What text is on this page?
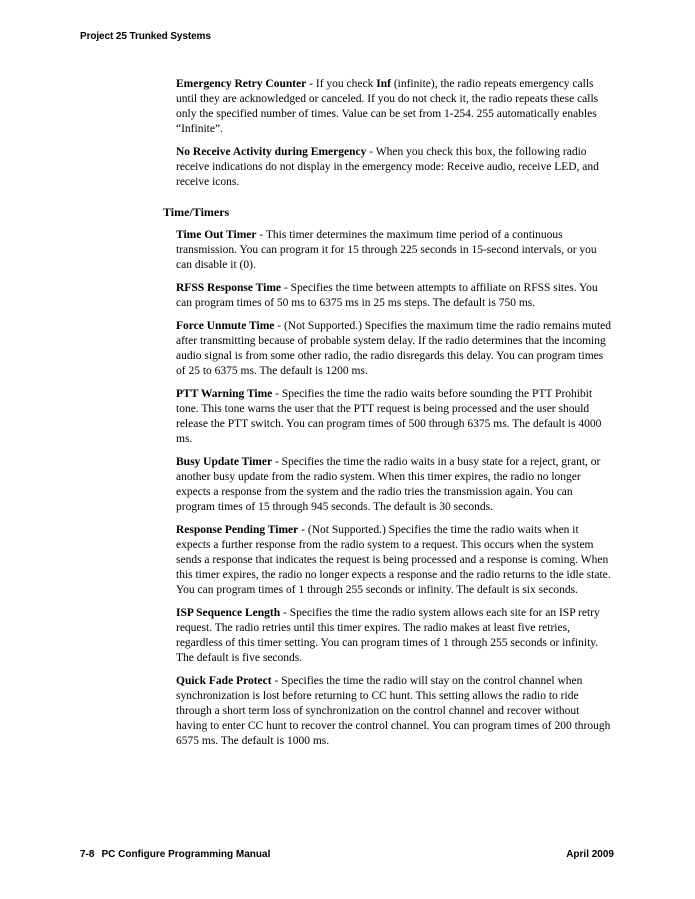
Project 25 Trunked Systems

Emergency Retry Counter - If you check Inf (infinite), the radio repeats emergency calls until they are acknowledged or canceled. If you do not check it, the radio repeats these calls only the specified number of times. Value can be set from 1-254. 255 automatically enables “Infinite”.

No Receive Activity during Emergency - When you check this box, the following radio receive indications do not display in the emergency mode: Receive audio, receive LED, and receive icons.

Time/Timers

Time Out Timer - This timer determines the maximum time period of a continuous transmission. You can program it for 15 through 225 seconds in 15-second intervals, or you can disable it (0).

RFSS Response Time - Specifies the time between attempts to affiliate on RFSS sites. You can program times of 50 ms to 6375 ms in 25 ms steps. The default is 750 ms.

Force Unmute Time - (Not Supported.) Specifies the maximum time the radio remains muted after transmitting because of probable system delay. If the radio determines that the incoming audio signal is from some other radio, the radio disregards this delay. You can program times of 25 to 6375 ms. The default is 1200 ms.

PTT Warning Time - Specifies the time the radio waits before sounding the PTT Prohibit tone. This tone warns the user that the PTT request is being processed and the user should release the PTT switch. You can program times of 500 through 6375 ms. The default is 4000 ms.

Busy Update Timer - Specifies the time the radio waits in a busy state for a reject, grant, or another busy update from the radio system. When this timer expires, the radio no longer expects a response from the system and the radio tries the transmission again. You can program times of 15 through 945 seconds. The default is 30 seconds.

Response Pending Timer - (Not Supported.) Specifies the time the radio waits when it expects a further response from the radio system to a request. This occurs when the system sends a response that indicates the request is being processed and a response is coming. When this timer expires, the radio no longer expects a response and the radio returns to the idle state. You can program times of 1 through 255 seconds or infinity. The default is six seconds.

ISP Sequence Length - Specifies the time the radio system allows each site for an ISP retry request. The radio retries until this timer expires. The radio makes at least five retries, regardless of this timer setting. You can program times of 1 through 255 seconds or infinity. The default is five seconds.

Quick Fade Protect - Specifies the time the radio will stay on the control channel when synchronization is lost before returning to CC hunt. This setting allows the radio to ride through a short term loss of synchronization on the control channel and recover without having to enter CC hunt to recover the control channel. You can program times of 200 through 6575 ms. The default is 1000 ms.

7-8 PC Configure Programming Manual	April 2009
